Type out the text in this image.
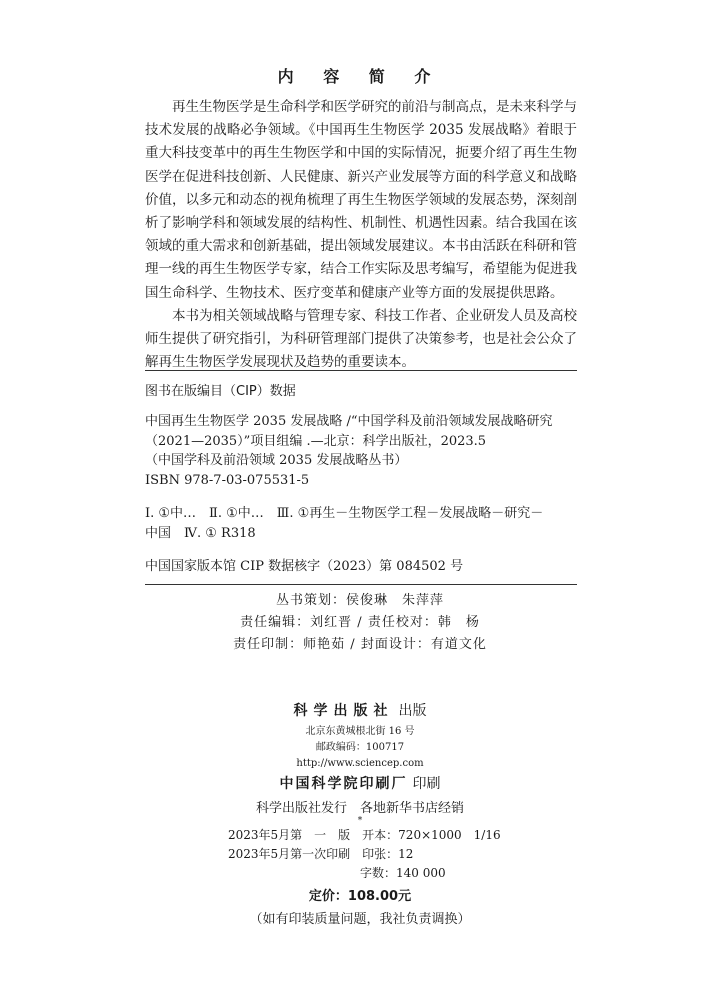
内 容 简 介

再生生物医学是生命科学和医学研究的前沿与制高点，是未来科学与技术发展的战略必争领域。《中国再生生物医学 2035 发展战略》着眼于重大科技变革中的再生生物医学和中国的实际情况，扼要介绍了再生生物医学在促进科技创新、人民健康、新兴产业发展等方面的科学意义和战略价值，以多元和动态的视角梳理了再生生物医学领域的发展态势，深刻剖析了影响学科和领域发展的结构性、机制性、机遇性因素。结合我国在该领域的重大需求和创新基础，提出领域发展建议。本书由活跃在科研和管理一线的再生生物医学专家，结合工作实际及思考编写，希望能为促进我国生命科学、生物技术、医疗变革和健康产业等方面的发展提供思路。

本书为相关领域战略与管理专家、科技工作者、企业研发人员及高校师生提供了研究指引，为科研管理部门提供了决策参考，也是社会公众了解再生生物医学发展现状及趋势的重要读本。

图书在版编目（CIP）数据
中国再生生物医学 2035 发展战略 /“中国学科及前沿领域发展战略研究
（2021—2035）”项目组编 .—北京：科学出版社，2023.5
（中国学科及前沿领域 2035 发展战略丛书）
ISBN 978-7-03-075531-5
Ⅰ. ①中…　Ⅱ. ①中…　Ⅲ. ①再生－生物医学工程－发展战略－研究－
中国　Ⅳ. ① R318
中国国家版本馆 CIP 数据核字（2023）第 084502 号
丛书策划：侯俊琳　朱萍萍
责任编辑：刘红晋 / 责任校对：韩　杨
责任印制：师艳茹 / 封面设计：有道文化
科学出版社 出版
北京东黄城根北街 16 号
邮政编码：100717
http://www.sciencep.com
中国科学院印刷厂 印刷
科学出版社发行　各地新华书店经销
*
2023年5月第　一　版　开本：720×1000　1/16
2023年5月第一次印刷　印张：12
　　　　　　　　　　　字数：140 000
定价：108.00元
（如有印装质量问题，我社负责调换）
